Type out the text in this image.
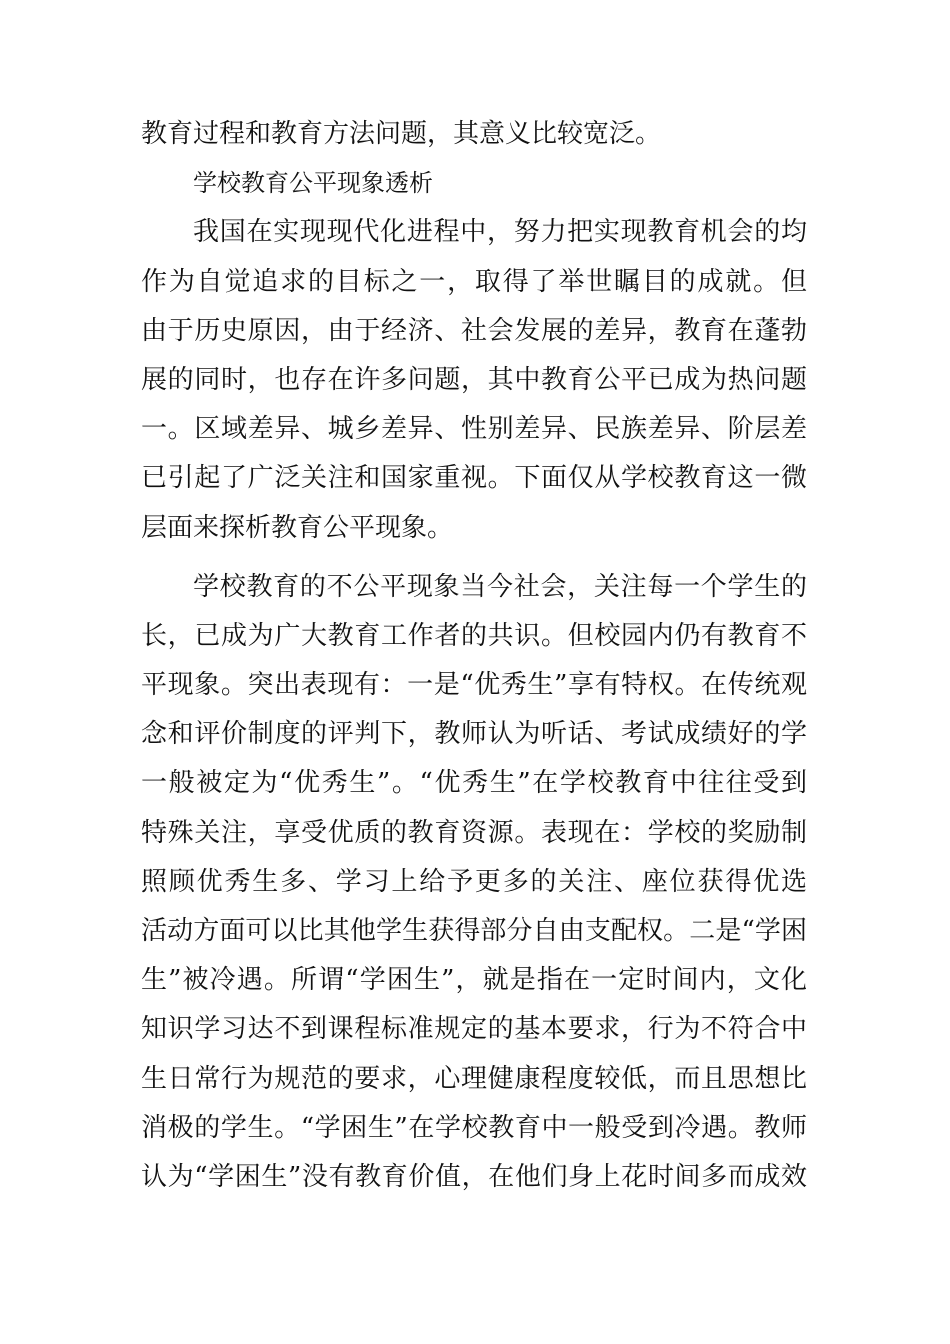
教育过程和教育方法问题，其意义比较宽泛。
学校教育公平现象透析
我国在实现现代化进程中，努力把实现教育机会的均
作为自觉追求的目标之一，取得了举世瞩目的成就。但
由于历史原因，由于经济、社会发展的差异，教育在蓬勃
展的同时，也存在许多问题，其中教育公平已成为热问题
一。区域差异、城乡差异、性别差异、民族差异、阶层差
已引起了广泛关注和国家重视。下面仅从学校教育这一微
层面来探析教育公平现象。
学校教育的不公平现象当今社会，关注每一个学生的
长，已成为广大教育工作者的共识。但校园内仍有教育不
平现象。突出表现有：一是“优秀生”享有特权。在传统观
念和评价制度的评判下，教师认为听话、考试成绩好的学
一般被定为“优秀生”。“优秀生”在学校教育中往往受到
特殊关注，享受优质的教育资源。表现在：学校的奖励制
照顾优秀生多、学习上给予更多的关注、座位获得优选
活动方面可以比其他学生获得部分自由支配权。二是“学困
生”被冷遇。所谓“学困生”，就是指在一定时间内，文化
知识学习达不到课程标准规定的基本要求，行为不符合中
生日常行为规范的要求，心理健康程度较低，而且思想比
消极的学生。“学困生”在学校教育中一般受到冷遇。教师
认为“学困生”没有教育价值，在他们身上花时间多而成效
